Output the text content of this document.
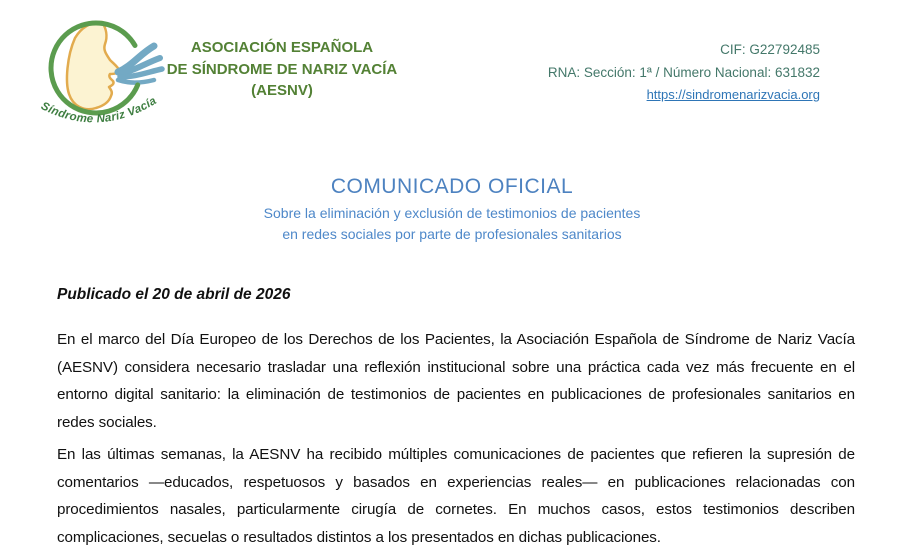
Síndrome Nariz Vacía
ASOCIACIÓN ESPAÑOLA
DE SÍNDROME DE NARIZ VACÍA
(AESNV)
CIF: G22792485
RNA: Sección: 1ª / Número Nacional: 631832
https://sindromenarizvacia.org
COMUNICADO OFICIAL
Sobre la eliminación y exclusión de testimonios de pacientes
en redes sociales por parte de profesionales sanitarios
Publicado el 20 de abril de 2026
En el marco del Día Europeo de los Derechos de los Pacientes, la Asociación Española de Síndrome de Nariz Vacía (AESNV) considera necesario trasladar una reflexión institucional sobre una práctica cada vez más frecuente en el entorno digital sanitario: la eliminación de testimonios de pacientes en publicaciones de profesionales sanitarios en redes sociales.
En las últimas semanas, la AESNV ha recibido múltiples comunicaciones de pacientes que refieren la supresión de comentarios —educados, respetuosos y basados en experiencias reales— en publicaciones relacionadas con procedimientos nasales, particularmente cirugía de cornetes. En muchos casos, estos testimonios describen complicaciones, secuelas o resultados distintos a los presentados en dichas publicaciones.
